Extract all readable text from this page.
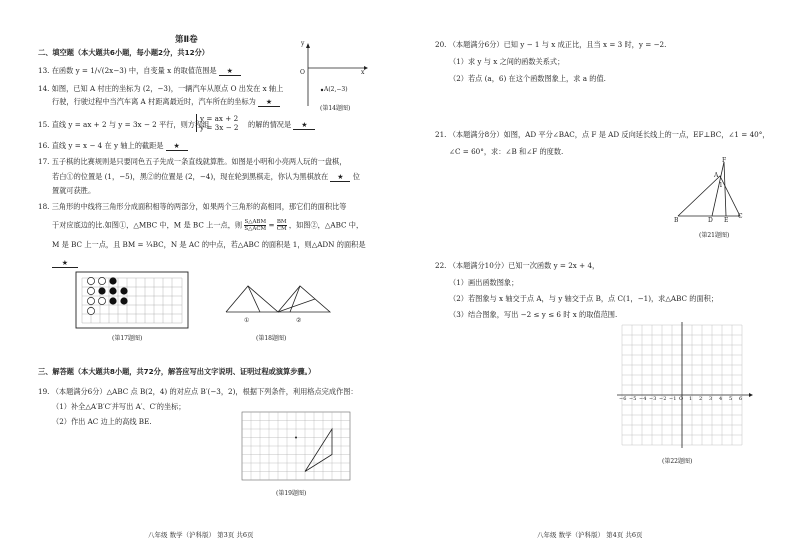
第Ⅱ卷
二、填空题（本大题共6小题，每小题2分，共12分）
13. 在函数 y = 1/√(2x−3) 中，自变量 x 的取值范围是 ★
14. 如图，已知 A 村庄的坐标为 (2，−3)，一辆汽车从原点 O 出发在 x 轴上
行驶，行驶过程中当汽车离 A 村距离最近时，汽车所在的坐标为 ★
y
x
O
A(2,−3)
(第14题图)
15. 直线 y = ax + 2 与 y = 3x − 2 平行，则方程组
y = ax + 2
y = 3x − 2 的解的情况是 ★
16. 直线 y = x − 4 在 y 轴上的截距是 ★
17. 五子棋的比赛规则是只要同色五子先成一条直线就算胜。如图是小明和小亮两人玩的一盘棋，
若白①的位置是 (1，−5)，黑②的位置是 (2，−4)，现在轮到黑棋走，你认为黑棋放在 ★ 位
置就可获胜。
18. 三角形的中线将三角形分成面积相等的两部分，如果两个三角形的高相同，那它们的面积比等
于对应底边的比.如图①，△MBC 中，M 是 BC 上一点，则 S△ABM
S△ACM = $\frac{BM}{CM}$ ，如图②，△ABC 中，
M 是 BC 上一点，且 BM = ¼BC，N 是 AC 的中点，若△ABC 的面积是 1，则△ADN 的面积是
★
(第17题图)
①	②
(第18题图)
三、解答题（本大题共8小题，共72分，解答应写出文字说明、证明过程或演算步骤。）
19. （本题满分6分）△ABC 点 B(2，4) 的对应点 B′(−3，2)，根据下列条件，利用格点完成作图：
（1）补全△A′B′C′并写出 A′、C′的坐标；
（2）作出 AC 边上的高线 BE.
(第19题图)
八年级 数学（沪科版） 第3页 共6页
20. （本题满分6分）已知 y − 1 与 x 成正比，且当 x = 3 时，y = −2.
（1）求 y 与 x 之间的函数关系式；
（2）若点 (a，6) 在这个函数图象上，求 a 的值.
21. （本题满分8分）如图，AD 平分∠BAC，点 F 是 AD 反向延长线上的一点，EF⊥BC，∠1 = 40°，
∠C = 60°，求：∠B 和∠F 的度数.
F
A
1
B	D E
C
(第21题图)
22. （本题满分10分）已知一次函数 y = 2x + 4，
（1）画出函数图象；
（2）若图象与 x 轴交于点 A，与 y 轴交于点 B，点 C(1，−1)，求△ABC 的面积；
（3）结合图象，写出 −2 ≤ y ≤ 6 时 x 的取值范围.
−6 −5 −4 −3 −2 −1 O 1 2 3 4 5 6
(第22题图)
八年级 数学（沪科版） 第4页 共6页
